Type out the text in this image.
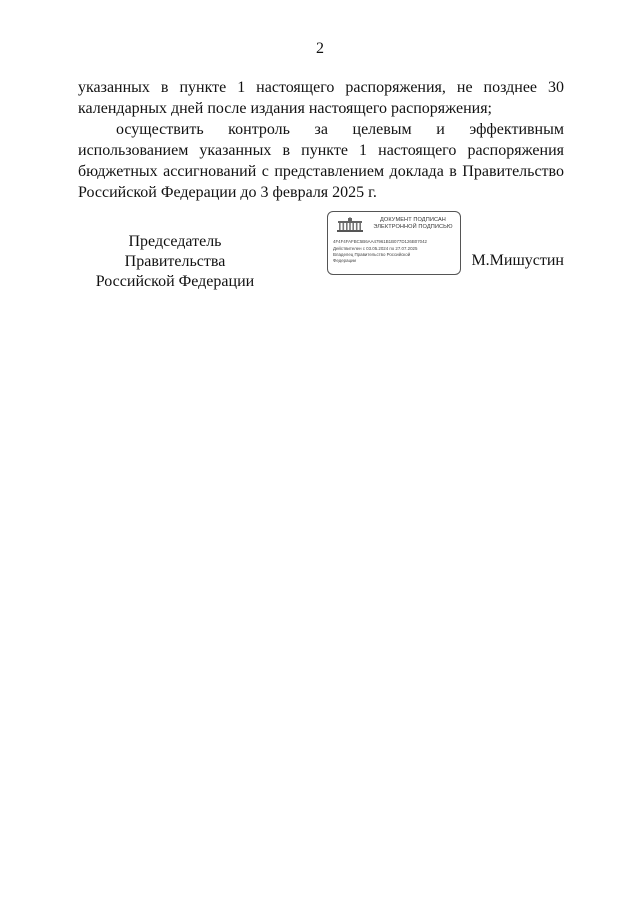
2

указанных в пункте 1 настоящего распоряжения, не позднее 30 календарных дней после издания настоящего распоряжения;

осуществить контроль за целевым и эффективным использованием указанных в пункте 1 настоящего распоряжения бюджетных ассигнований с представлением доклада в Правительство Российской Федерации до 3 февраля 2025 г.

Председатель Правительства
Российской Федерации
ДОКУМЕНТ ПОДПИСАН
ЭЛЕКТРОННОЙ ПОДПИСЬЮ
4F4F4FAFBC5B6AA47961B1B077D126B07042
Действителен с 03.05.2024 по 27.07.2025
Владелец Правительство Российской
Федерации	М.Мишустин
